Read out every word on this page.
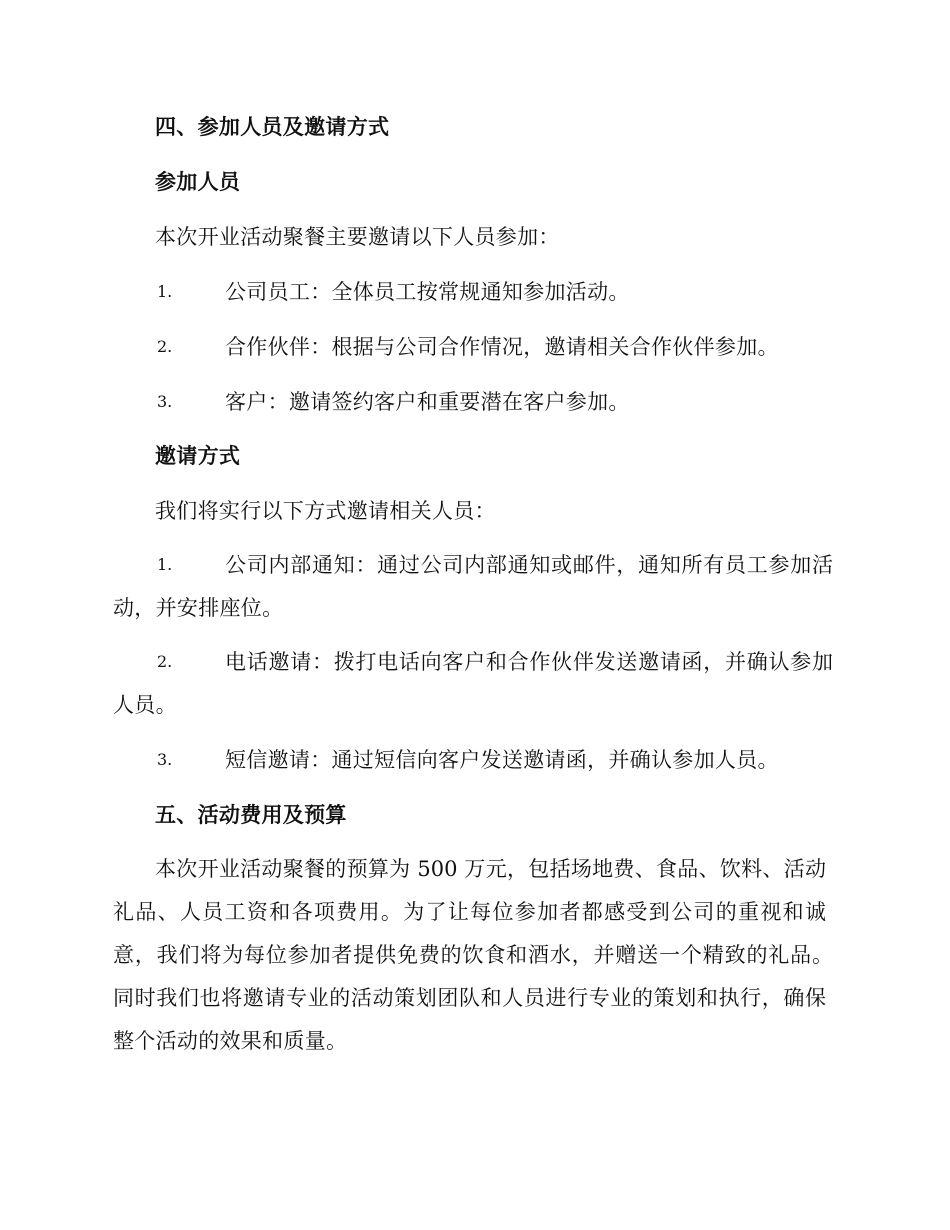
四、参加人员及邀请方式
参加人员
本次开业活动聚餐主要邀请以下人员参加：
1.	公司员工：全体员工按常规通知参加活动。
2.	合作伙伴：根据与公司合作情况，邀请相关合作伙伴参加。
3.	客户：邀请签约客户和重要潜在客户参加。
邀请方式
我们将实行以下方式邀请相关人员：
1.	公司内部通知：通过公司内部通知或邮件，通知所有员工参加活
动，并安排座位。
2.	电话邀请：拨打电话向客户和合作伙伴发送邀请函，并确认参加
人员。
3.	短信邀请：通过短信向客户发送邀请函，并确认参加人员。
五、活动费用及预算
本次开业活动聚餐的预算为 500 万元，包括场地费、食品、饮料、活动
礼品、人员工资和各项费用。为了让每位参加者都感受到公司的重视和诚
意，我们将为每位参加者提供免费的饮食和酒水，并赠送一个精致的礼品。
同时我们也将邀请专业的活动策划团队和人员进行专业的策划和执行，确保
整个活动的效果和质量。
